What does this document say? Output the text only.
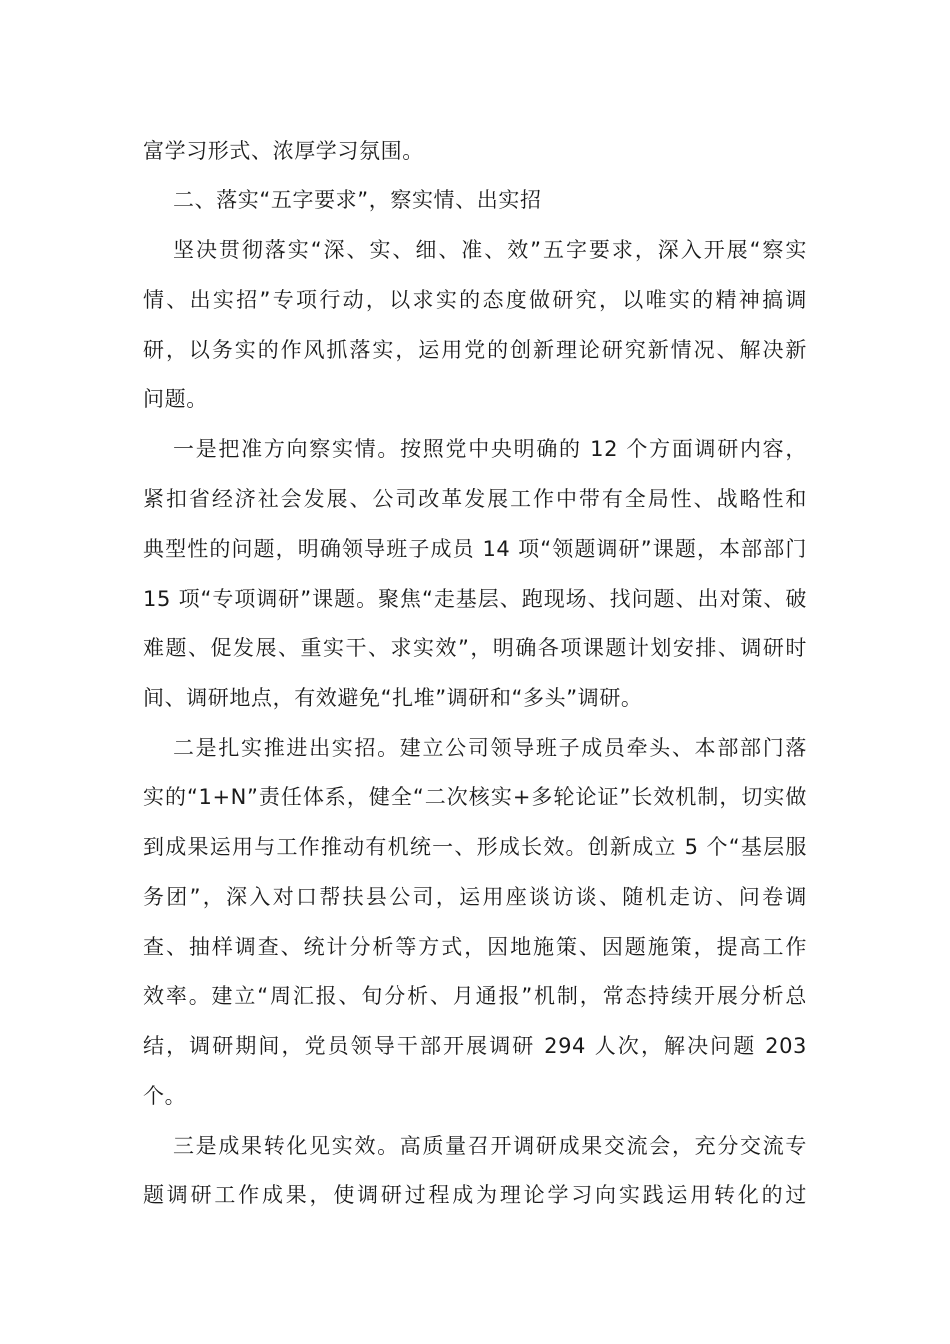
富学习形式、浓厚学习氛围。
二、落实“五字要求”，察实情、出实招
坚决贯彻落实“深、实、细、准、效”五字要求，深入开展“察实
情、出实招”专项行动，以求实的态度做研究，以唯实的精神搞调
研，以务实的作风抓落实，运用党的创新理论研究新情况、解决新
问题。
一是把准方向察实情。按照党中央明确的 12 个方面调研内容，
紧扣省经济社会发展、公司改革发展工作中带有全局性、战略性和
典型性的问题，明确领导班子成员 14 项“领题调研”课题，本部部门
15 项“专项调研”课题。聚焦“走基层、跑现场、找问题、出对策、破
难题、促发展、重实干、求实效”，明确各项课题计划安排、调研时
间、调研地点，有效避免“扎堆”调研和“多头”调研。
二是扎实推进出实招。建立公司领导班子成员牵头、本部部门落
实的“1+N”责任体系，健全“二次核实+多轮论证”长效机制，切实做
到成果运用与工作推动有机统一、形成长效。创新成立 5 个“基层服
务团”，深入对口帮扶县公司，运用座谈访谈、随机走访、问卷调
查、抽样调查、统计分析等方式，因地施策、因题施策，提高工作
效率。建立“周汇报、旬分析、月通报”机制，常态持续开展分析总
结，调研期间，党员领导干部开展调研 294 人次，解决问题 203
个。
三是成果转化见实效。高质量召开调研成果交流会，充分交流专
题调研工作成果，使调研过程成为理论学习向实践运用转化的过
